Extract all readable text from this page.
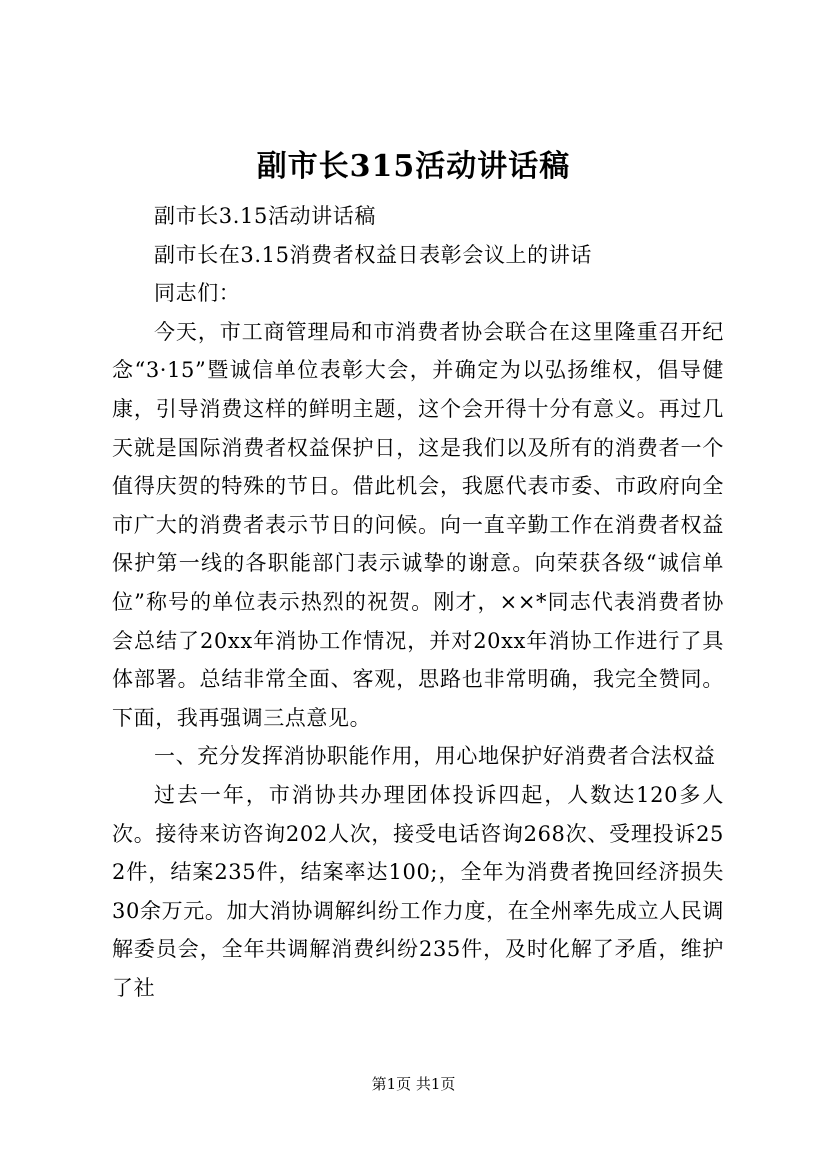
副市长315活动讲话稿

副市长3.15活动讲话稿

副市长在3.15消费者权益日表彰会议上的讲话

同志们：

今天，市工商管理局和市消费者协会联合在这里隆重召开纪念“3·15”暨诚信单位表彰大会，并确定为以弘扬维权，倡导健康，引导消费这样的鲜明主题，这个会开得十分有意义。再过几天就是国际消费者权益保护日，这是我们以及所有的消费者一个值得庆贺的特殊的节日。借此机会，我愿代表市委、市政府向全市广大的消费者表示节日的问候。向一直辛勤工作在消费者权益保护第一线的各职能部门表示诚挚的谢意。向荣获各级“诚信单位”称号的单位表示热烈的祝贺。刚才，××*同志代表消费者协会总结了20xx年消协工作情况，并对20xx年消协工作进行了具体部署。总结非常全面、客观，思路也非常明确，我完全赞同。下面，我再强调三点意见。

一、充分发挥消协职能作用，用心地保护好消费者合法权益

过去一年，市消协共办理团体投诉四起，人数达120多人次。接待来访咨询202人次，接受电话咨询268次、受理投诉252件，结案235件，结案率达100;，全年为消费者挽回经济损失30余万元。加大消协调解纠纷工作力度，在全州率先成立人民调解委员会，全年共调解消费纠纷235件，及时化解了矛盾，维护了社

第1页 共1页
